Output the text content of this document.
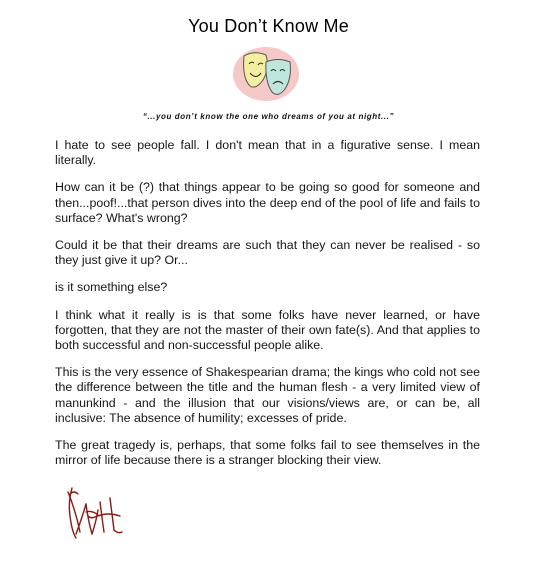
You Don’t Know Me
“...you don’t know the one who dreams of you at night...”

I hate to see people fall. I don't mean that in a figurative sense. I mean literally.

How can it be (?) that things appear to be going so good for someone and then...poof!...that person dives into the deep end of the pool of life and fails to surface? What's wrong?

Could it be that their dreams are such that they can never be realised - so they just give it up? Or...

is it something else?

I think what it really is is that some folks have never learned, or have forgotten, that they are not the master of their own fate(s). And that applies to both successful and non-successful people alike.

This is the very essence of Shakespearian drama; the kings who cold not see the difference between the title and the human flesh - a very limited view of manunkind - and the illusion that our visions/views are, or can be, all inclusive: The absence of humility; excesses of pride.

The great tragedy is, perhaps, that some folks fail to see themselves in the mirror of life because there is a stranger blocking their view.
